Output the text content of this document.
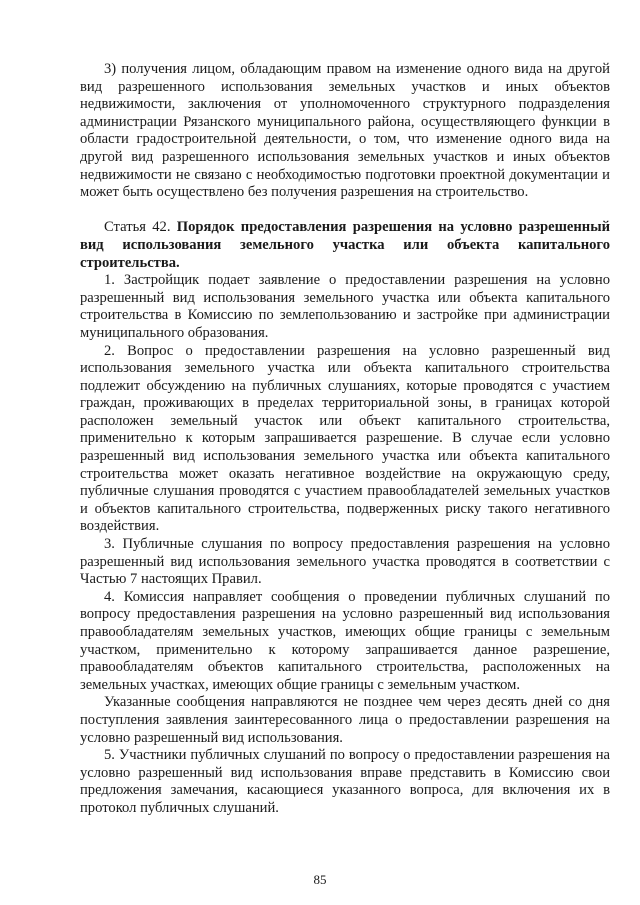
3) получения лицом, обладающим правом на изменение одного вида на другой вид разрешенного использования земельных участков и иных объектов недвижимости, заключения от уполномоченного структурного подразделения администрации Рязанского муниципального района, осуществляющего функции в области градостроительной деятельности, о том, что изменение одного вида на другой вид разрешенного использования земельных участков и иных объектов недвижимости не связано с необходимостью подготовки проектной документации и может быть осуществлено без получения разрешения на строительство.

Статья 42. Порядок предоставления разрешения на условно разрешенный вид использования земельного участка или объекта капитального строительства.

1. Застройщик подает заявление о предоставлении разрешения на условно разрешенный вид использования земельного участка или объекта капитального строительства в Комиссию по землепользованию и застройке при администрации муниципального образования.

2. Вопрос о предоставлении разрешения на условно разрешенный вид использования земельного участка или объекта капитального строительства подлежит обсуждению на публичных слушаниях, которые проводятся с участием граждан, проживающих в пределах территориальной зоны, в границах которой расположен земельный участок или объект капитального строительства, применительно к которым запрашивается разрешение. В случае если условно разрешенный вид использования земельного участка или объекта капитального строительства может оказать негативное воздействие на окружающую среду, публичные слушания проводятся с участием правообладателей земельных участков и объектов капитального строительства, подверженных риску такого негативного воздействия.

3. Публичные слушания по вопросу предоставления разрешения на условно разрешенный вид использования земельного участка проводятся в соответствии с Частью 7 настоящих Правил.

4. Комиссия направляет сообщения о проведении публичных слушаний по вопросу предоставления разрешения на условно разрешенный вид использования правообладателям земельных участков, имеющих общие границы с земельным участком, применительно к которому запрашивается данное разрешение, правообладателям объектов капитального строительства, расположенных на земельных участках, имеющих общие границы с земельным участком.

Указанные сообщения направляются не позднее чем через десять дней со дня поступления заявления заинтересованного лица о предоставлении разрешения на условно разрешенный вид использования.

5. Участники публичных слушаний по вопросу о предоставлении разрешения на условно разрешенный вид использования вправе представить в Комиссию свои предложения замечания, касающиеся указанного вопроса, для включения их в протокол публичных слушаний.

85
